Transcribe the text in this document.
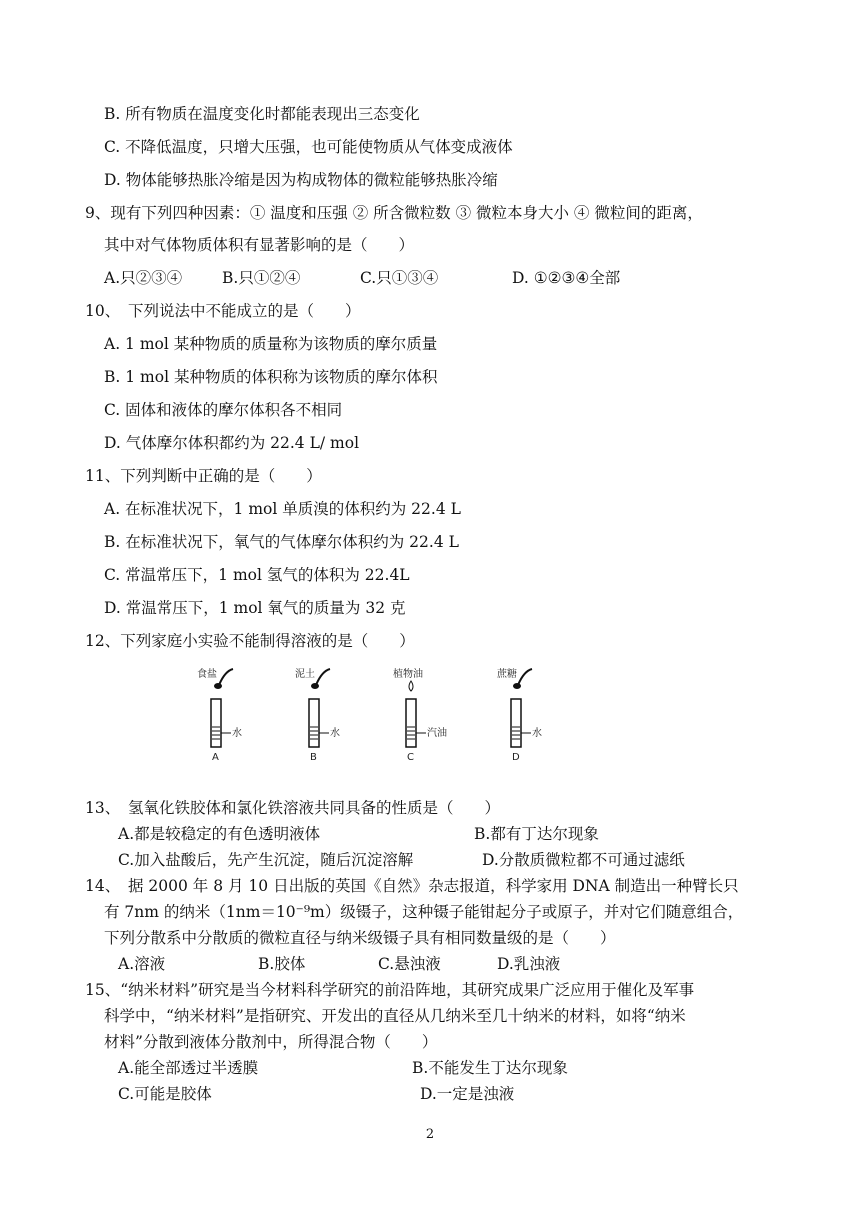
B. 所有物质在温度变化时都能表现出三态变化
C. 不降低温度，只增大压强，也可能使物质从气体变成液体
D. 物体能够热胀冷缩是因为构成物体的微粒能够热胀冷缩
9、现有下列四种因素：① 温度和压强 ② 所含微粒数 ③ 微粒本身大小 ④ 微粒间的距离，
其中对气体物质体积有显著影响的是（　　）
A.只②③④	B.只①②④	C.只①③④	D. ①②③④全部
10、　下列说法中不能成立的是（　　）
A. 1 mol 某种物质的质量称为该物质的摩尔质量
B. 1 mol 某种物质的体积称为该物质的摩尔体积
C. 固体和液体的摩尔体积各不相同
D. 气体摩尔体积都约为 22.4 L/ mol
11、下列判断中正确的是（　　）
A. 在标准状况下，1 mol 单质溴的体积约为 22.4 L
B. 在标准状况下，氧气的气体摩尔体积约为 22.4 L
C. 常温常压下，1 mol 氢气的体积为 22.4L
D. 常温常压下，1 mol 氧气的质量为 32 克
12、下列家庭小实验不能制得溶液的是（　　）
食盐
水
A
泥土
水
B
植物油
汽油
C
蔗糖
水
D
13、　氢氧化铁胶体和氯化铁溶液共同具备的性质是（　　）
A.都是较稳定的有色透明液体	B.都有丁达尔现象
C.加入盐酸后，先产生沉淀，随后沉淀溶解	D.分散质微粒都不可通过滤纸
14、　据 2000 年 8 月 10 日出版的英国《自然》杂志报道，科学家用 DNA 制造出一种臂长只
有 7nm 的纳米（1nm＝10⁻⁹m）级镊子，这种镊子能钳起分子或原子，并对它们随意组合，
下列分散系中分散质的微粒直径与纳米级镊子具有相同数量级的是（　　）
A.溶液	B.胶体	C.悬浊液	D.乳浊液
15、“纳米材料”研究是当今材料科学研究的前沿阵地，其研究成果广泛应用于催化及军事
科学中，“纳米材料”是指研究、开发出的直径从几纳米至几十纳米的材料，如将“纳米
材料”分散到液体分散剂中，所得混合物（　　）
A.能全部透过半透膜	B.不能发生丁达尔现象
C.可能是胶体	D.一定是浊液
2
